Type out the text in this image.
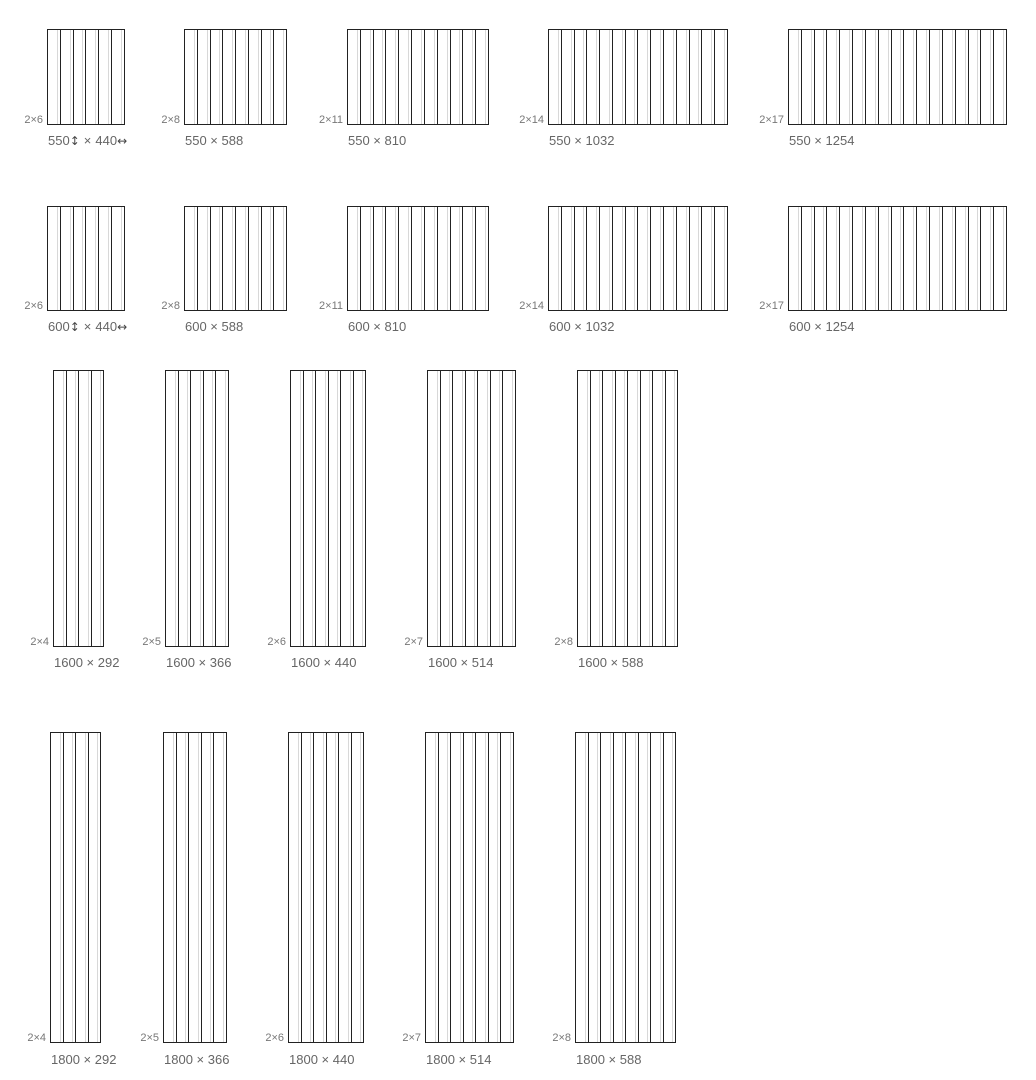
2×6
550↕ × 440↔
2×8
550 × 588
2×11
550 × 810
2×14
550 × 1032
2×17
550 × 1254
2×6
600↕ × 440↔
2×8
600 × 588
2×11
600 × 810
2×14
600 × 1032
2×17
600 × 1254
2×4
1600 × 292
2×5
1600 × 366
2×6
1600 × 440
2×7
1600 × 514
2×8
1600 × 588
2×4
1800 × 292
2×5
1800 × 366
2×6
1800 × 440
2×7
1800 × 514
2×8
1800 × 588
